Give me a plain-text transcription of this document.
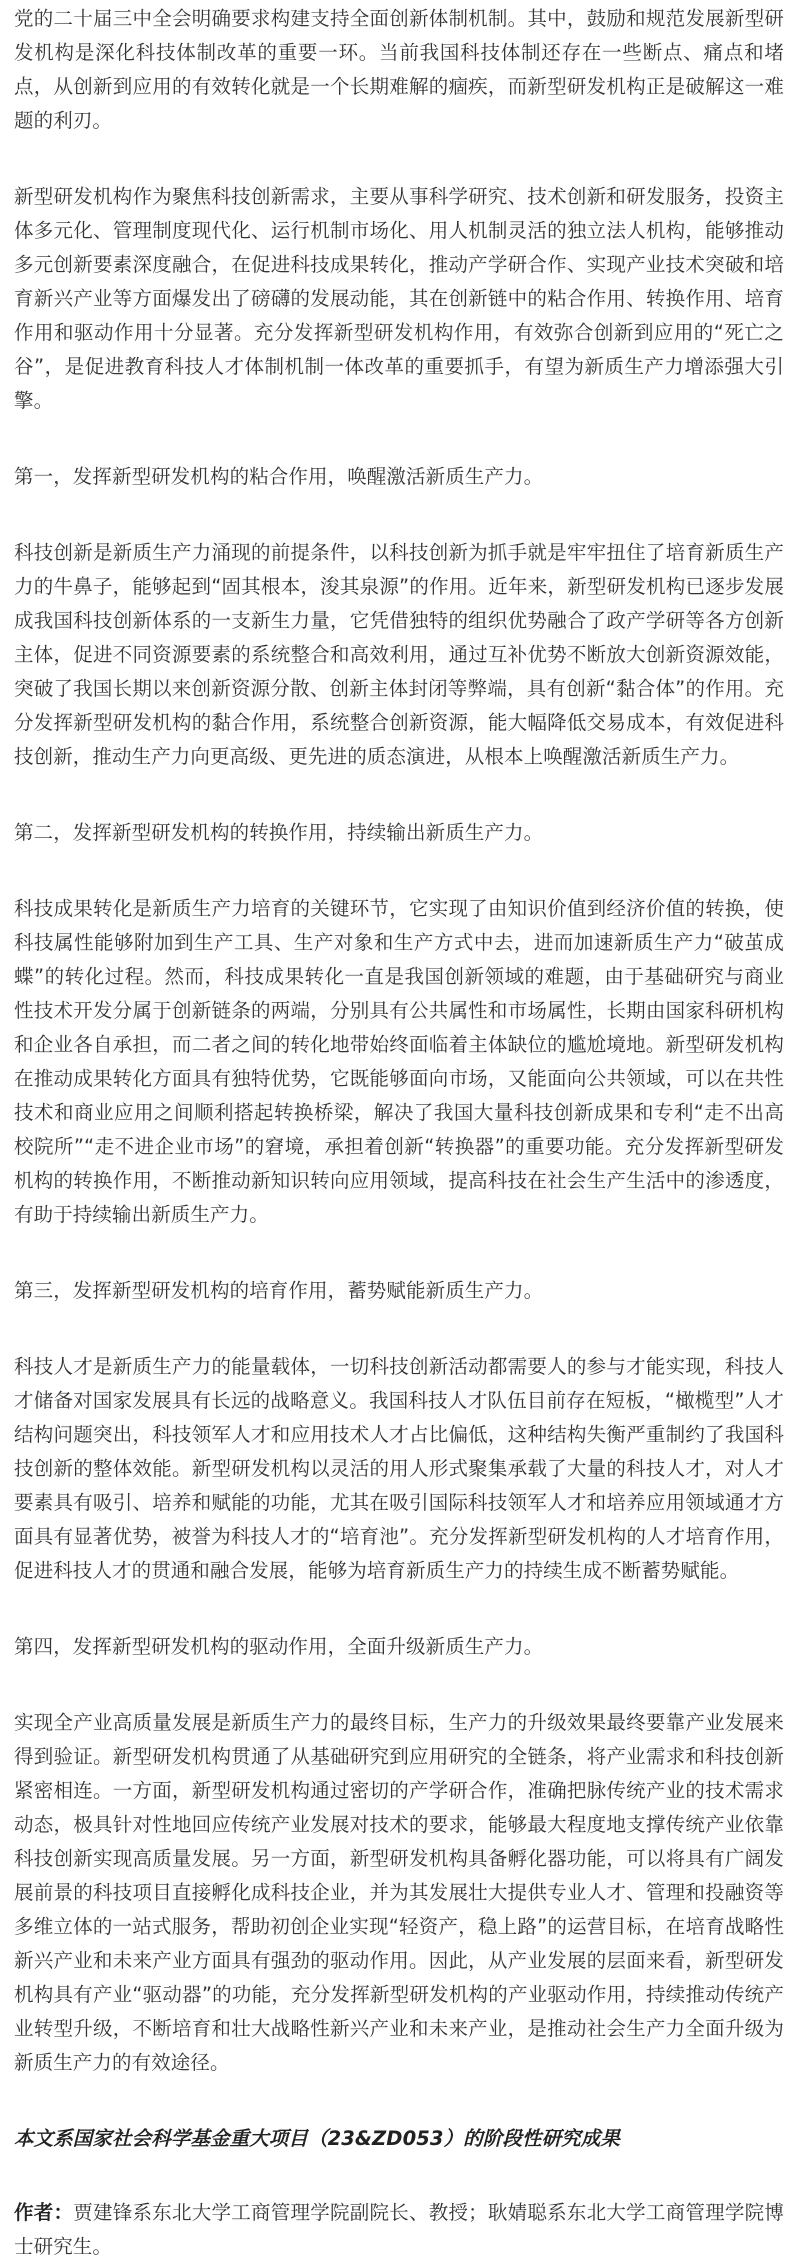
党的二十届三中全会明确要求构建支持全面创新体制机制。其中，鼓励和规范发展新型研发机构是深化科技体制改革的重要一环。当前我国科技体制还存在一些断点、痛点和堵点，从创新到应用的有效转化就是一个长期难解的痼疾，而新型研发机构正是破解这一难题的利刃。

新型研发机构作为聚焦科技创新需求，主要从事科学研究、技术创新和研发服务，投资主体多元化、管理制度现代化、运行机制市场化、用人机制灵活的独立法人机构，能够推动多元创新要素深度融合，在促进科技成果转化，推动产学研合作、实现产业技术突破和培育新兴产业等方面爆发出了磅礴的发展动能，其在创新链中的粘合作用、转换作用、培育作用和驱动作用十分显著。充分发挥新型研发机构作用，有效弥合创新到应用的“死亡之谷”，是促进教育科技人才体制机制一体改革的重要抓手，有望为新质生产力增添强大引擎。

第一，发挥新型研发机构的粘合作用，唤醒激活新质生产力。

科技创新是新质生产力涌现的前提条件，以科技创新为抓手就是牢牢扭住了培育新质生产力的牛鼻子，能够起到“固其根本，浚其泉源”的作用。近年来，新型研发机构已逐步发展成我国科技创新体系的一支新生力量，它凭借独特的组织优势融合了政产学研等各方创新主体，促进不同资源要素的系统整合和高效利用，通过互补优势不断放大创新资源效能，突破了我国长期以来创新资源分散、创新主体封闭等弊端，具有创新“黏合体”的作用。充分发挥新型研发机构的黏合作用，系统整合创新资源，能大幅降低交易成本，有效促进科技创新，推动生产力向更高级、更先进的质态演进，从根本上唤醒激活新质生产力。

第二，发挥新型研发机构的转换作用，持续输出新质生产力。

科技成果转化是新质生产力培育的关键环节，它实现了由知识价值到经济价值的转换，使科技属性能够附加到生产工具、生产对象和生产方式中去，进而加速新质生产力“破茧成蝶”的转化过程。然而，科技成果转化一直是我国创新领域的难题，由于基础研究与商业性技术开发分属于创新链条的两端，分别具有公共属性和市场属性，长期由国家科研机构和企业各自承担，而二者之间的转化地带始终面临着主体缺位的尴尬境地。新型研发机构在推动成果转化方面具有独特优势，它既能够面向市场，又能面向公共领域，可以在共性技术和商业应用之间顺利搭起转换桥梁，解决了我国大量科技创新成果和专利“走不出高校院所”“走不进企业市场”的窘境，承担着创新“转换器”的重要功能。充分发挥新型研发机构的转换作用，不断推动新知识转向应用领域，提高科技在社会生产生活中的渗透度，有助于持续输出新质生产力。

第三，发挥新型研发机构的培育作用，蓄势赋能新质生产力。

科技人才是新质生产力的能量载体，一切科技创新活动都需要人的参与才能实现，科技人才储备对国家发展具有长远的战略意义。我国科技人才队伍目前存在短板，“橄榄型”人才结构问题突出，科技领军人才和应用技术人才占比偏低，这种结构失衡严重制约了我国科技创新的整体效能。新型研发机构以灵活的用人形式聚集承载了大量的科技人才，对人才要素具有吸引、培养和赋能的功能，尤其在吸引国际科技领军人才和培养应用领域通才方面具有显著优势，被誉为科技人才的“培育池”。充分发挥新型研发机构的人才培育作用，促进科技人才的贯通和融合发展，能够为培育新质生产力的持续生成不断蓄势赋能。

第四，发挥新型研发机构的驱动作用，全面升级新质生产力。

实现全产业高质量发展是新质生产力的最终目标，生产力的升级效果最终要靠产业发展来得到验证。新型研发机构贯通了从基础研究到应用研究的全链条，将产业需求和科技创新紧密相连。一方面，新型研发机构通过密切的产学研合作，准确把脉传统产业的技术需求动态，极具针对性地回应传统产业发展对技术的要求，能够最大程度地支撑传统产业依靠科技创新实现高质量发展。另一方面，新型研发机构具备孵化器功能，可以将具有广阔发展前景的科技项目直接孵化成科技企业，并为其发展壮大提供专业人才、管理和投融资等多维立体的一站式服务，帮助初创企业实现“轻资产，稳上路”的运营目标，在培育战略性新兴产业和未来产业方面具有强劲的驱动作用。因此，从产业发展的层面来看，新型研发机构具有产业“驱动器”的功能，充分发挥新型研发机构的产业驱动作用，持续推动传统产业转型升级，不断培育和壮大战略性新兴产业和未来产业，是推动社会生产力全面升级为新质生产力的有效途径。

本文系国家社会科学基金重大项目（23&ZD053）的阶段性研究成果

作者：贾建锋系东北大学工商管理学院副院长、教授；耿婧聪系东北大学工商管理学院博士研究生。
